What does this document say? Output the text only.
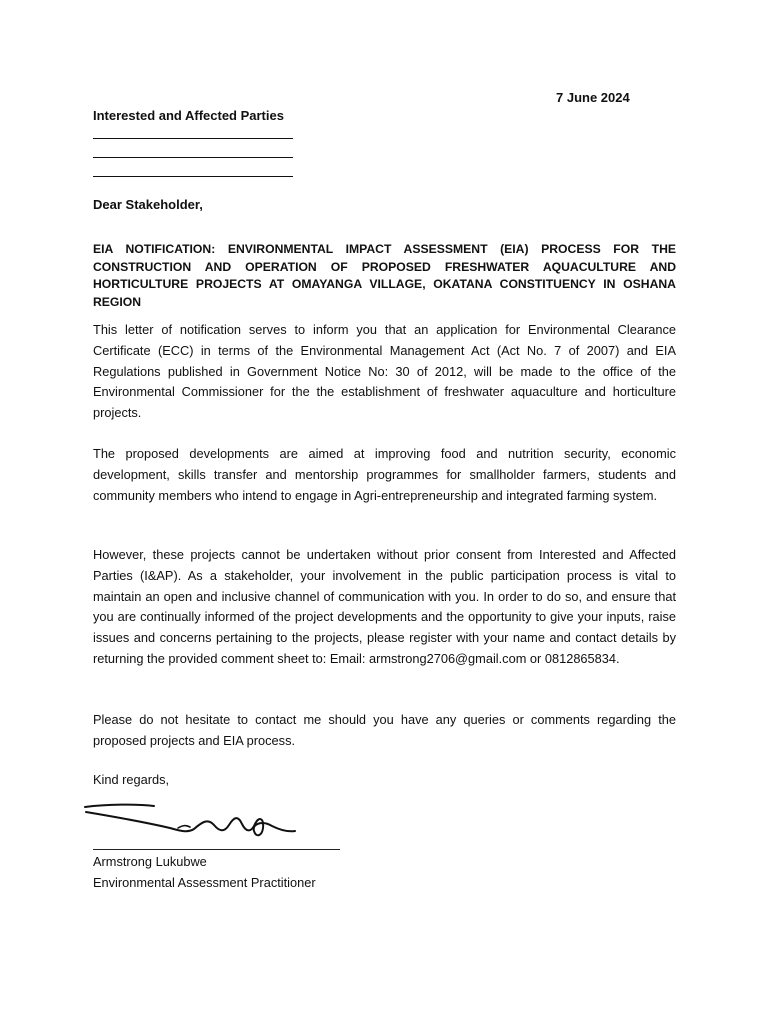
7 June 2024
Interested and Affected Parties
Dear Stakeholder,
EIA NOTIFICATION: ENVIRONMENTAL IMPACT ASSESSMENT (EIA) PROCESS FOR THE CONSTRUCTION AND OPERATION OF PROPOSED FRESHWATER AQUACULTURE AND HORTICULTURE PROJECTS AT OMAYANGA VILLAGE, OKATANA CONSTITUENCY IN OSHANA REGION
This letter of notification serves to inform you that an application for Environmental Clearance Certificate (ECC) in terms of the Environmental Management Act (Act No. 7 of 2007) and EIA Regulations published in Government Notice No: 30 of 2012, will be made to the office of the Environmental Commissioner for the the establishment of freshwater aquaculture and horticulture projects.
The proposed developments are aimed at improving food and nutrition security, economic development, skills transfer and mentorship programmes for smallholder farmers, students and community members who intend to engage in Agri-entrepreneurship and integrated farming system.
However, these projects cannot be undertaken without prior consent from Interested and Affected Parties (I&AP). As a stakeholder, your involvement in the public participation process is vital to maintain an open and inclusive channel of communication with you. In order to do so, and ensure that you are continually informed of the project developments and the opportunity to give your inputs, raise issues and concerns pertaining to the projects, please register with your name and contact details by returning the provided comment sheet to: Email: armstrong2706@gmail.com or 0812865834.
Please do not hesitate to contact me should you have any queries or comments regarding the proposed projects and EIA process.
Kind regards,
Armstrong Lukubwe
Environmental Assessment Practitioner
